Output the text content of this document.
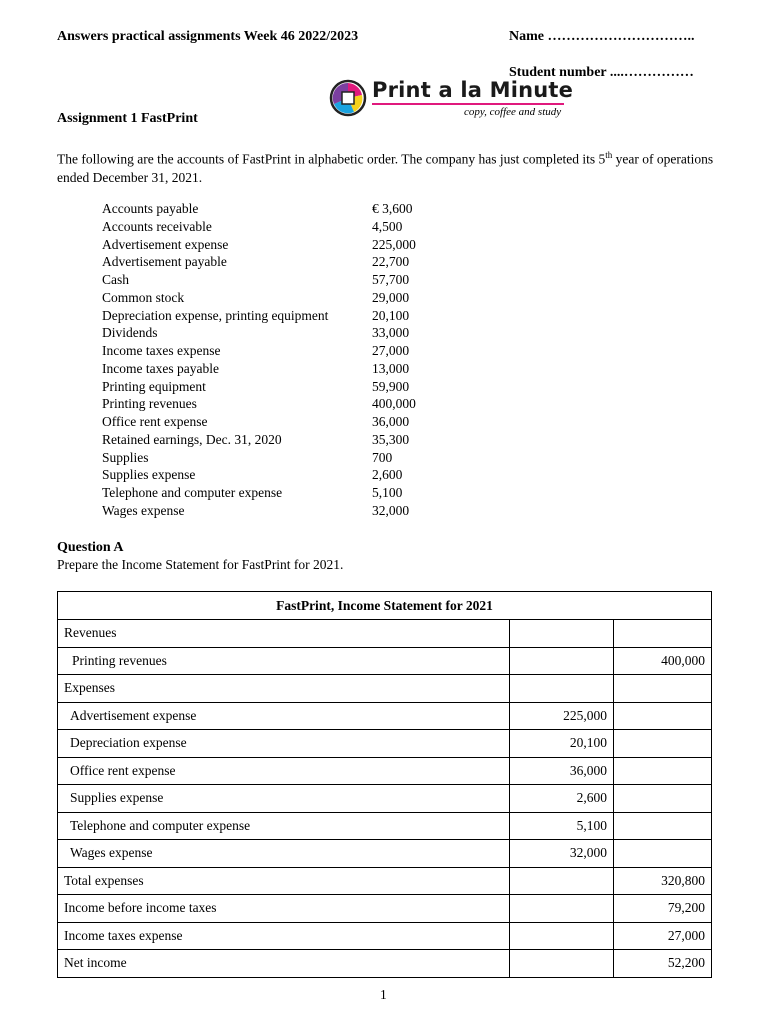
Answers practical assignments Week 46 2022/2023	Name …………………………..
Student number ....……………
Print a la Minute
copy, coffee and study
Assignment 1 FastPrint
The following are the accounts of FastPrint in alphabetic order. The company has just completed its 5th year of operations ended December 31, 2021.
Accounts payable	€ 3,600
Accounts receivable	4,500
Advertisement expense	225,000
Advertisement payable	22,700
Cash	57,700
Common stock	29,000
Depreciation expense, printing equipment	20,100
Dividends	33,000
Income taxes expense	27,000
Income taxes payable	13,000
Printing equipment	59,900
Printing revenues	400,000
Office rent expense	36,000
Retained earnings, Dec. 31, 2020	35,300
Supplies	700
Supplies expense	2,600
Telephone and computer expense	5,100
Wages expense	32,000
Question A
Prepare the Income Statement for FastPrint for 2021.
FastPrint, Income Statement for 2021		
Revenues		
Printing revenues		400,000
Expenses		
Advertisement expense	225,000	
Depreciation expense	20,100	
Office rent expense	36,000	
Supplies expense	2,600	
Telephone and computer expense	5,100	
Wages expense	32,000	
Total expenses		320,800
Income before income taxes		79,200
Income taxes expense		27,000
Net income		52,200
1
